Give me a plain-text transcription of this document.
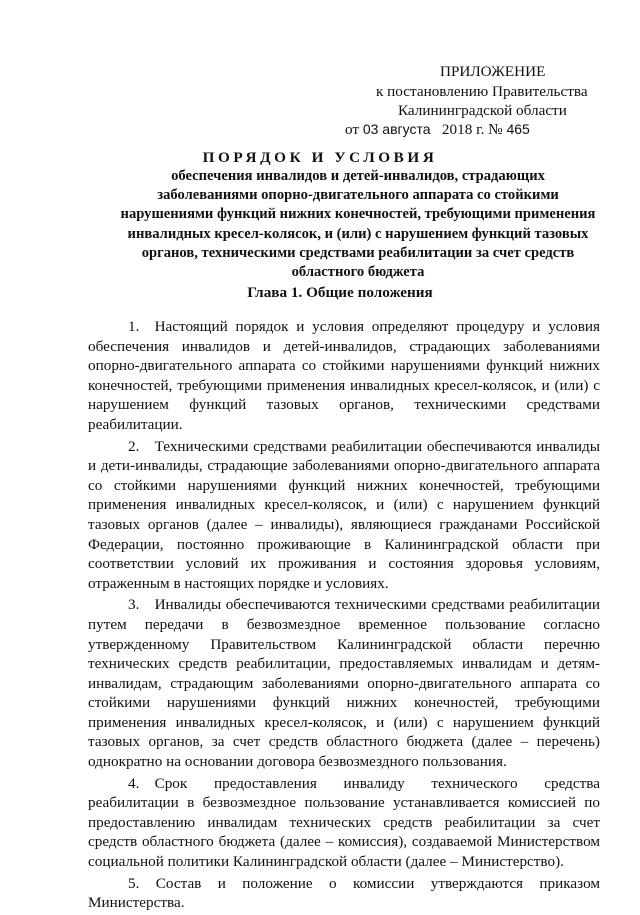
ПРИЛОЖЕНИЕ
к постановлению Правительства
Калининградской области
от 03 августа 2018 г. № 465
ПОРЯДОК И УСЛОВИЯ
обеспечения инвалидов и детей-инвалидов, страдающих
заболеваниями опорно-двигательного аппарата со стойкими
нарушениями функций нижних конечностей, требующими применения
инвалидных кресел-колясок, и (или) с нарушением функций тазовых
органов, техническими средствами реабилитации за счет средств
областного бюджета
Глава 1. Общие положения

1. Настоящий порядок и условия определяют процедуру и условия обеспечения инвалидов и детей-инвалидов, страдающих заболеваниями опорно-двигательного аппарата со стойкими нарушениями функций нижних конечностей, требующими применения инвалидных кресел-колясок, и (или) с нарушением функций тазовых органов, техническими средствами реабилитации.

2. Техническими средствами реабилитации обеспечиваются инвалиды и дети-инвалиды, страдающие заболеваниями опорно-двигательного аппарата со стойкими нарушениями функций нижних конечностей, требующими применения инвалидных кресел-колясок, и (или) с нарушением функций тазовых органов (далее – инвалиды), являющиеся гражданами Российской Федерации, постоянно проживающие в Калининградской области при соответствии условий их проживания и состояния здоровья условиям, отраженным в настоящих порядке и условиях.

3. Инвалиды обеспечиваются техническими средствами реабилитации путем передачи в безвозмездное временное пользование согласно утвержденному Правительством Калининградской области перечню технических средств реабилитации, предоставляемых инвалидам и детям-инвалидам, страдающим заболеваниями опорно-двигательного аппарата со стойкими нарушениями функций нижних конечностей, требующими применения инвалидных кресел-колясок, и (или) с нарушением функций тазовых органов, за счет средств областного бюджета (далее – перечень) однократно на основании договора безвозмездного пользования.

4. Срок предоставления инвалиду технического средства реабилитации в безвозмездное пользование устанавливается комиссией по предоставлению инвалидам технических средств реабилитации за счет средств областного бюджета (далее – комиссия), создаваемой Министерством социальной политики Калининградской области (далее – Министерство).

5. Состав и положение о комиссии утверждаются приказом Министерства.
